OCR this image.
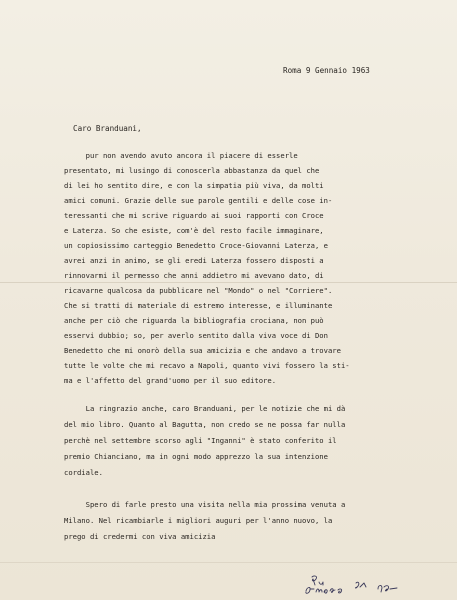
Roma 9 Gennaio 1963
Caro Branduani,
pur non avendo avuto ancora il piacere di esserle
presentato, mi lusingo di conoscerla abbastanza da quel che
di lei ho sentito dire, e con la simpatia più viva, da molti
amici comuni. Grazie delle sue parole gentili e delle cose in-
teressanti che mi scrive riguardo ai suoi rapporti con Croce
e Laterza. So che esiste, com'è del resto facile immaginare,
un copiosissimo carteggio Benedetto Croce-Giovanni Laterza, e
avrei anzi in animo, se gli eredi Laterza fossero disposti a
rinnovarmi il permesso che anni addietro mi avevano dato, di
ricavarne qualcosa da pubblicare nel "Mondo" o nel "Corriere".
Che si tratti di materiale di estremo interesse, e illuminante
anche per ciò che riguarda la bibliografia crociana, non può
esservi dubbio; so, per averlo sentito dalla viva voce di Don
Benedetto che mi onorò della sua amicizia e che andavo a trovare
tutte le volte che mi recavo a Napoli, quanto vivi fossero la sti-
ma e l'affetto del grand'uomo per il suo editore.
La ringrazio anche, caro Branduani, per le notizie che mi dà
del mio libro. Quanto al Bagutta, non credo se ne possa far nulla
perchè nel settembre scorso agli "Inganni" è stato conferito il
premio Chianciano, ma in ogni modo apprezzo la sua intenzione
cordiale.
Spero di farle presto una visita nella mia prossima venuta a
Milano. Nel ricambiarle i migliori auguri per l'anno nuovo, la
prego di credermi con viva amicizia
